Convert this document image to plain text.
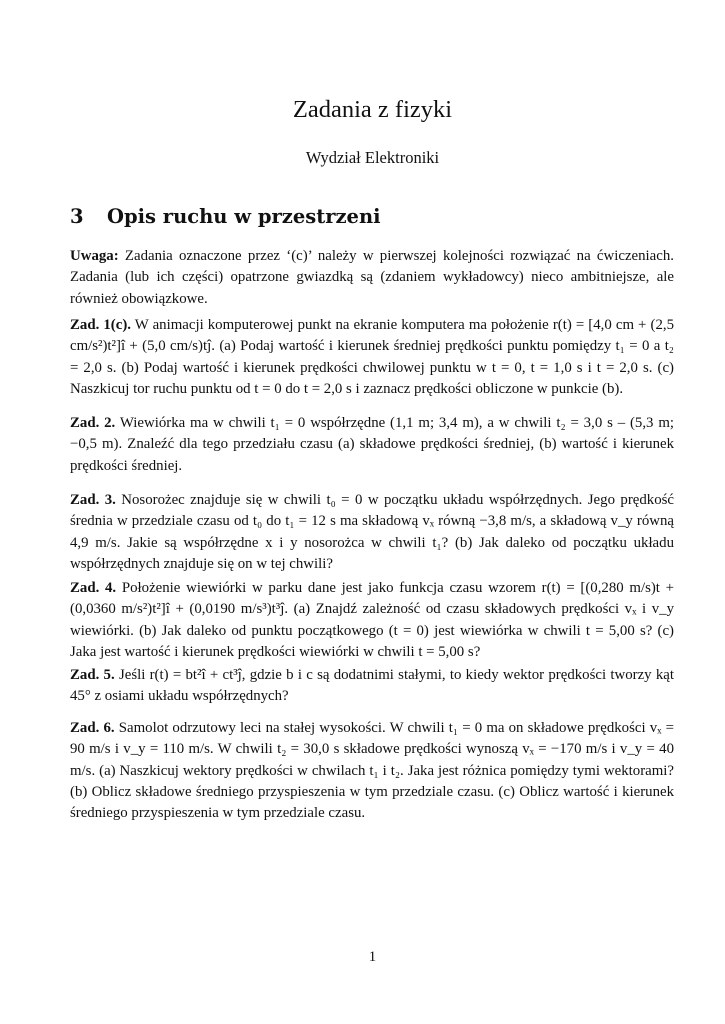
Zadania z fizyki
Wydział Elektroniki
3 Opis ruchu w przestrzeni

Uwaga: Zadania oznaczone przez ‘(c)’ należy w pierwszej kolejności rozwiązać na ćwiczeniach. Zadania (lub ich części) opatrzone gwiazdką są (zdaniem wykładowcy) nieco ambitniejsze, ale również obowiązkowe.

Zad. 1(c). W animacji komputerowej punkt na ekranie komputera ma położenie r(t) = [4,0 cm + (2,5 cm/s²)t²]î + (5,0 cm/s)tĵ. (a) Podaj wartość i kierunek średniej prędkości punktu pomiędzy t₁ = 0 a t₂ = 2,0 s. (b) Podaj wartość i kierunek prędkości chwilowej punktu w t = 0, t = 1,0 s i t = 2,0 s. (c) Naszkicuj tor ruchu punktu od t = 0 do t = 2,0 s i zaznacz prędkości obliczone w punkcie (b).

Zad. 2. Wiewiórka ma w chwili t₁ = 0 współrzędne (1,1 m; 3,4 m), a w chwili t₂ = 3,0 s – (5,3 m; −0,5 m). Znaleźć dla tego przedziału czasu (a) składowe prędkości średniej, (b) wartość i kierunek prędkości średniej.

Zad. 3. Nosorożec znajduje się w chwili t₀ = 0 w początku układu współrzędnych. Jego prędkość średnia w przedziale czasu od t₀ do t₁ = 12 s ma składową vₓ równą −3,8 m/s, a składową v_y równą 4,9 m/s. Jakie są współrzędne x i y nosorożca w chwili t₁? (b) Jak daleko od początku układu współrzędnych znajduje się on w tej chwili?

Zad. 4. Położenie wiewiórki w parku dane jest jako funkcja czasu wzorem r(t) = [(0,280 m/s)t + (0,0360 m/s²)t²]î + (0,0190 m/s³)t³ĵ. (a) Znajdź zależność od czasu składowych prędkości vₓ i v_y wiewiórki. (b) Jak daleko od punktu początkowego (t = 0) jest wiewiórka w chwili t = 5,00 s? (c) Jaka jest wartość i kierunek prędkości wiewiórki w chwili t = 5,00 s?

Zad. 5. Jeśli r(t) = bt²î + ct³ĵ, gdzie b i c są dodatnimi stałymi, to kiedy wektor prędkości tworzy kąt 45° z osiami układu współrzędnych?

Zad. 6. Samolot odrzutowy leci na stałej wysokości. W chwili t₁ = 0 ma on składowe prędkości vₓ = 90 m/s i v_y = 110 m/s. W chwili t₂ = 30,0 s składowe prędkości wynoszą vₓ = −170 m/s i v_y = 40 m/s. (a) Naszkicuj wektory prędkości w chwilach t₁ i t₂. Jaka jest różnica pomiędzy tymi wektorami? (b) Oblicz składowe średniego przyspieszenia w tym przedziale czasu. (c) Oblicz wartość i kierunek średniego przyspieszenia w tym przedziale czasu.

1
